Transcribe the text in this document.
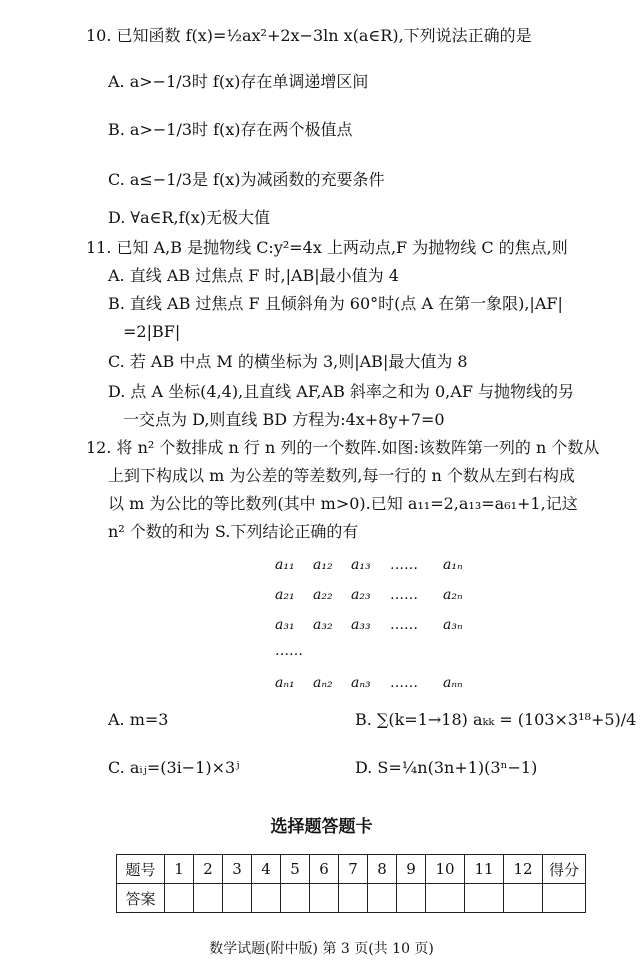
10. 已知函数 f(x)=½ax²+2x−3ln x(a∈R),下列说法正确的是
A. a>−1/3时 f(x)存在单调递增区间
B. a>−1/3时 f(x)存在两个极值点
C. a≤−1/3是 f(x)为减函数的充要条件
D. ∀a∈R,f(x)无极大值
11. 已知 A,B 是抛物线 C:y²=4x 上两动点,F 为抛物线 C 的焦点,则
A. 直线 AB 过焦点 F 时,|AB|最小值为 4
B. 直线 AB 过焦点 F 且倾斜角为 60°时(点 A 在第一象限),|AF|
=2|BF|
C. 若 AB 中点 M 的横坐标为 3,则|AB|最大值为 8
D. 点 A 坐标(4,4),且直线 AF,AB 斜率之和为 0,AF 与抛物线的另
一交点为 D,则直线 BD 方程为:4x+8y+7=0
12. 将 n² 个数排成 n 行 n 列的一个数阵.如图:该数阵第一列的 n 个数从
上到下构成以 m 为公差的等差数列,每一行的 n 个数从左到右构成
以 m 为公比的等比数列(其中 m>0).已知 a₁₁=2,a₁₃=a₆₁+1,记这
n² 个数的和为 S.下列结论正确的有
a₁₁ a₁₂ a₁₃ …… a₁ₙ
a₂₁ a₂₂ a₂₃ …… a₂ₙ
a₃₁ a₃₂ a₃₃ …… a₃ₙ
……
aₙ₁ aₙ₂ aₙ₃ …… aₙₙ
A. m=3	B. ∑(k=1→18) aₖₖ = (103×3¹⁸+5)/4
C. aᵢⱼ=(3i−1)×3ʲ	D. S=¼n(3n+1)(3ⁿ−1)
选择题答题卡
题号	1	2	3	4	5	6	7	8	9	10	11	12	得分
答案													
数学试题(附中版) 第 3 页(共 10 页)
